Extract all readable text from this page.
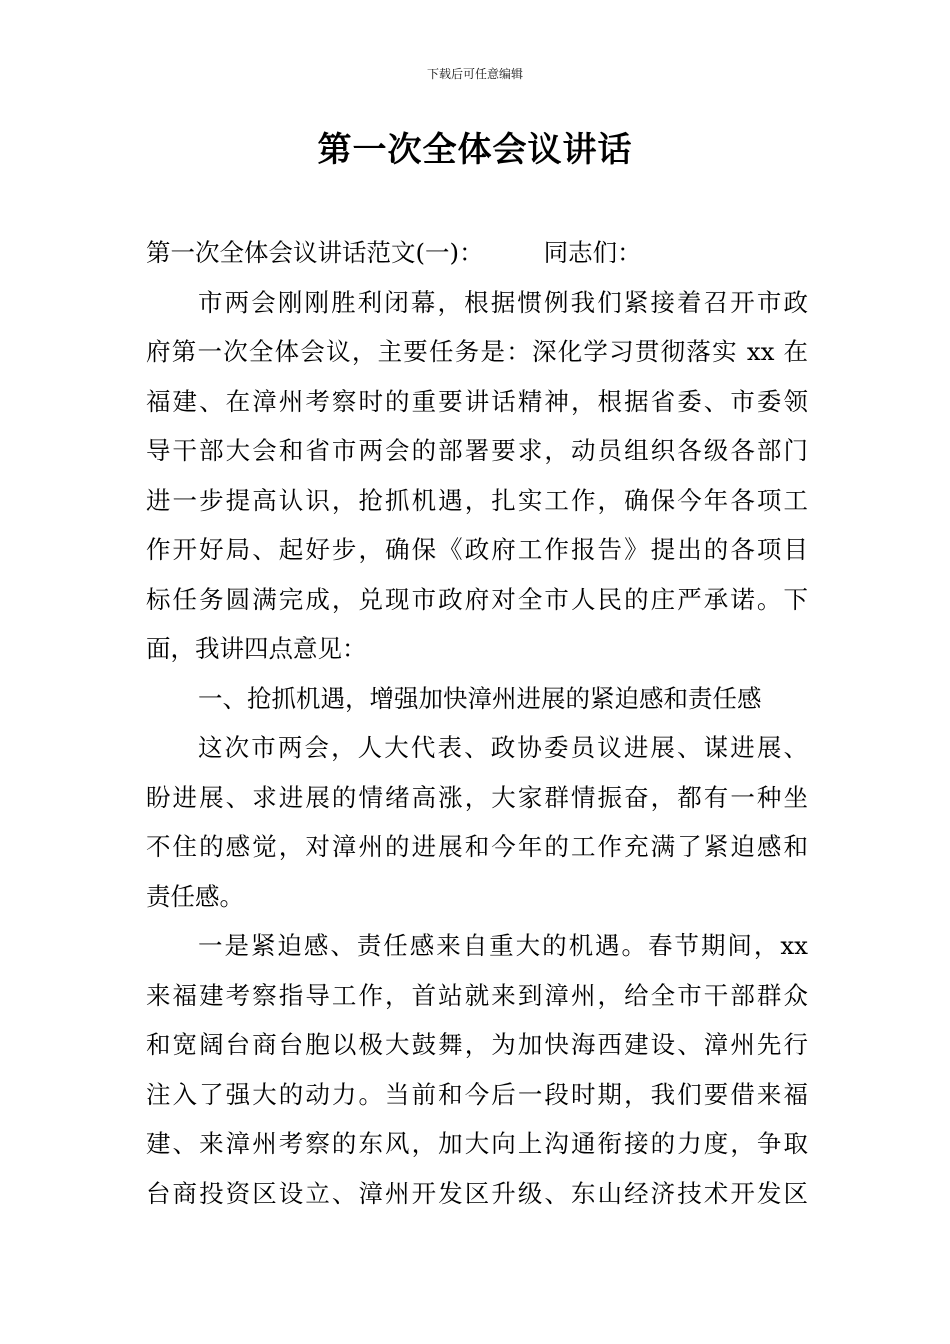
下载后可任意编辑
第一次全体会议讲话
第一次全体会议讲话范文(一)： 同志们：
市两会刚刚胜利闭幕，根据惯例我们紧接着召开市政
府第一次全体会议，主要任务是：深化学习贯彻落实 xx 在
福建、在漳州考察时的重要讲话精神，根据省委、市委领
导干部大会和省市两会的部署要求，动员组织各级各部门
进一步提高认识，抢抓机遇，扎实工作，确保今年各项工
作开好局、起好步，确保《政府工作报告》提出的各项目
标任务圆满完成，兑现市政府对全市人民的庄严承诺。下
面，我讲四点意见：
一、抢抓机遇，增强加快漳州进展的紧迫感和责任感
这次市两会，人大代表、政协委员议进展、谋进展、
盼进展、求进展的情绪高涨，大家群情振奋，都有一种坐
不住的感觉，对漳州的进展和今年的工作充满了紧迫感和
责任感。
一是紧迫感、责任感来自重大的机遇。春节期间，xx
来福建考察指导工作，首站就来到漳州，给全市干部群众
和宽阔台商台胞以极大鼓舞，为加快海西建设、漳州先行
注入了强大的动力。当前和今后一段时期，我们要借来福
建、来漳州考察的东风，加大向上沟通衔接的力度，争取
台商投资区设立、漳州开发区升级、东山经济技术开发区
